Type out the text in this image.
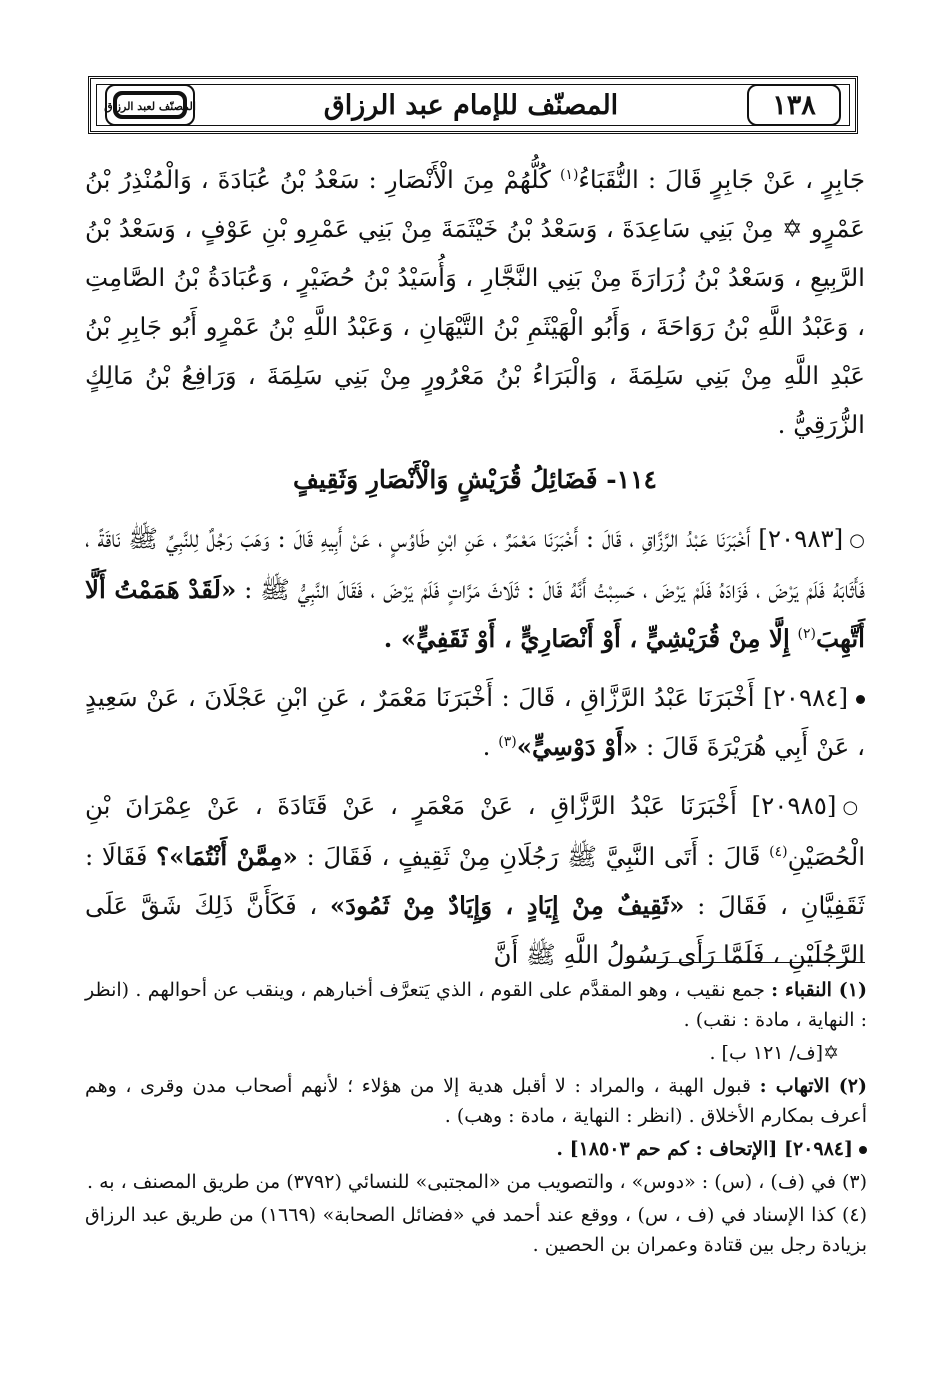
١٣٨
المصنّف للإمام عبد الرزاق
المصنّف لعبد الرزاق

جَابِرٍ ، عَنْ جَابِرٍ قَالَ : النُّقَبَاءُ$^{(١)}$ كُلُّهُمْ مِنَ الْأَنْصَارِ : سَعْدُ بْنُ عُبَادَةَ ، وَالْمُنْذِرُ بْنُ عَمْرٍو ✡ مِنْ بَنِي سَاعِدَةَ ، وَسَعْدُ بْنُ خَيْثَمَةَ مِنْ بَنِي عَمْرِو بْنِ عَوْفٍ ، وَسَعْدُ بْنُ الرَّبِيعِ ، وَسَعْدُ بْنُ زُرَارَةَ مِنْ بَنِي النَّجَّارِ ، وَأُسَيْدُ بْنُ حُضَيْرٍ ، وَعُبَادَةُ بْنُ الصَّامِتِ ، وَعَبْدُ اللَّهِ بْنُ رَوَاحَةَ ، وَأَبُو الْهَيْثَمِ بْنُ التَّيْهَانِ ، وَعَبْدُ اللَّهِ بْنُ عَمْرٍو أَبُو جَابِرِ بْنُ عَبْدِ اللَّهِ مِنْ بَنِي سَلِمَةَ ، وَالْبَرَاءُ بْنُ مَعْرُورٍ مِنْ بَنِي سَلِمَةَ ، وَرَافِعُ بْنُ مَالِكٍ الزُّرَقِيُّ .

١١٤- فَضَائِلُ قُرَيْشٍ وَالْأَنْصَارِ وَثَقِيفٍ

○[٢٠٩٨٣] أَخْبَرَنَا عَبْدُ الرَّزَّاقِ ، قَالَ : أَخْبَرَنَا مَعْمَرٌ ، عَنِ ابْنِ طَاوُسٍ ، عَنْ أَبِيهِ قَالَ : وَهَبَ رَجُلٌ لِلنَّبِيِّ ﷺ نَاقَةً ، فَأَثَابَهُ فَلَمْ يَرْضَ ، فَزَادَهُ فَلَمْ يَرْضَ ، حَسِبْتُ أَنَّهُ قَالَ : ثَلَاثَ مَرَّاتٍ فَلَمْ يَرْضَ ، فَقَالَ النَّبِيُّ ﷺ : «لَقَدْ هَمَمْتُ أَلَّا أَتَّهِبَ$^{(٢)}$ إِلَّا مِنْ قُرَيْشِيٍّ ، أَوْ أَنْصَارِيٍّ ، أَوْ ثَقَفِيٍّ» .

[٢٠٩٨٤] أَخْبَرَنَا عَبْدُ الرَّزَّاقِ ، قَالَ : أَخْبَرَنَا مَعْمَرٌ ، عَنِ ابْنِ عَجْلَانَ ، عَنْ سَعِيدٍ ، عَنْ أَبِي هُرَيْرَةَ قَالَ : «أَوْ دَوْسِيٍّ»$^{(٣)}$ .

○[٢٠٩٨٥] أَخْبَرَنَا عَبْدُ الرَّزَّاقِ ، عَنْ مَعْمَرٍ ، عَنْ قَتَادَةَ ، عَنْ عِمْرَانَ بْنِ الْحُصَيْنِ$^{(٤)}$ قَالَ : أَتَى النَّبِيَّ ﷺ رَجُلَانِ مِنْ ثَقِيفٍ ، فَقَالَ : «مِمَّنْ أَنْتُمَا»؟ فَقَالَا : ثَقَفِيَّانِ ، فَقَالَ : «ثَقِيفٌ مِنْ إِيَادٍ ، وَإِيَادٌ مِنْ ثَمُودَ» ، فَكَأَنَّ ذَلِكَ شَقَّ عَلَى الرَّجُلَيْنِ ، فَلَمَّا رَأَى رَسُولُ اللَّهِ ﷺ أَنَّ

(١) النقباء : جمع نقيب ، وهو المقدَّم على القوم ، الذي يَتعرَّف أخبارهم ، وينقب عن أحوالهم . (انظر : النهاية ، مادة : نقب) .

✡[ف/ ١٢١ ب] .

(٢) الاتهاب : قبول الهبة ، والمراد : لا أقبل هدية إلا من هؤلاء ؛ لأنهم أصحاب مدن وقرى ، وهم أعرف بمكارم الأخلاق . (انظر : النهاية ، مادة : وهب) .

[٢٠٩٨٤] [الإتحاف : كم حم ١٨٥٠٣] .

(٣) في (ف) ، (س) : «دوس» ، والتصويب من «المجتبى» للنسائي (٣٧٩٢) من طريق المصنف ، به .

(٤) كذا الإسناد في (ف ، س) ، ووقع عند أحمد في «فضائل الصحابة» (١٦٦٩) من طريق عبد الرزاق بزيادة رجل بين قتادة وعمران بن الحصين .
